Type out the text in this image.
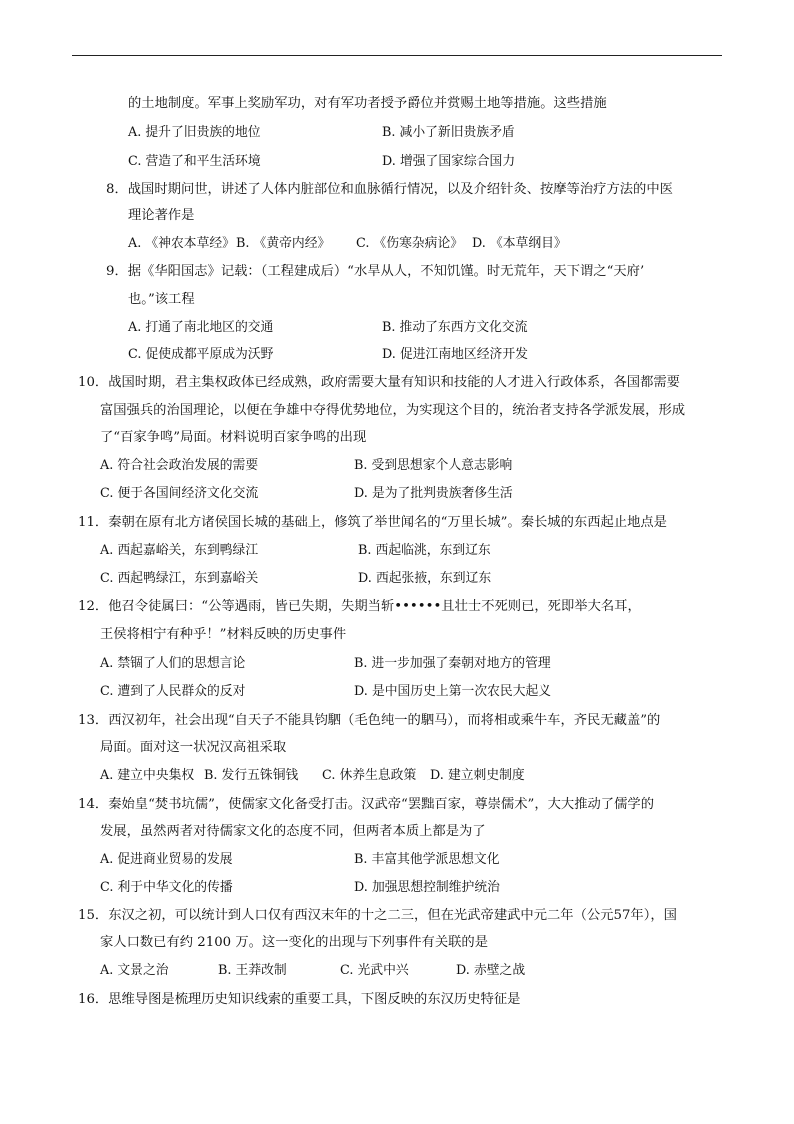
的土地制度。军事上奖励军功，对有军功者授予爵位并赏赐土地等措施。这些措施
A. 提升了旧贵族的地位	B. 减小了新旧贵族矛盾
C. 营造了和平生活环境	D. 增强了国家综合国力
8．战国时期问世，讲述了人体内脏部位和血脉循行情况，以及介绍针灸、按摩等治疗方法的中医
理论著作是
A. 《神农本草经》 B. 《黄帝内经》 C. 《伤寒杂病论》 D. 《本草纲目》
9．据《华阳国志》记载：（工程建成后）“水旱从人，不知饥馑。时无荒年，天下谓之“天府’
也。”该工程
A. 打通了南北地区的交通	B. 推动了东西方文化交流
C. 促使成都平原成为沃野	D. 促进江南地区经济开发
10．战国时期，君主集权政体已经成熟，政府需要大量有知识和技能的人才进入行政体系，各国都需要
富国强兵的治国理论，以便在争雄中夺得优势地位，为实现这个目的，统治者支持各学派发展，形成
了“百家争鸣”局面。材料说明百家争鸣的出现
A. 符合社会政治发展的需要	B. 受到思想家个人意志影响
C. 便于各国间经济文化交流	D. 是为了批判贵族奢侈生活
11．秦朝在原有北方诸侯国长城的基础上，修筑了举世闻名的“万里长城”。秦长城的东西起止地点是
A. 西起嘉峪关，东到鸭绿江	B. 西起临洮，东到辽东
C. 西起鸭绿江，东到嘉峪关	D. 西起张掖，东到辽东
12．他召令徒属曰：“公等遇雨，皆已失期，失期当斩••••••且壮士不死则已，死即举大名耳，
王侯将相宁有种乎！”材料反映的历史事件
A. 禁锢了人们的思想言论	B. 进一步加强了秦朝对地方的管理
C. 遭到了人民群众的反对	D. 是中国历史上第一次农民大起义
13．西汉初年，社会出现“自天子不能具钧駟（毛色纯一的駟马），而将相或乘牛车，齐民无藏盖”的
局面。面对这一状况汉高祖采取
A. 建立中央集权 B. 发行五铢铜钱 C. 休养生息政策 D. 建立刺史制度
14．秦始皇“焚书坑儒”，使儒家文化备受打击。汉武帝“罢黜百家，尊崇儒术”，大大推动了儒学的
发展，虽然两者对待儒家文化的态度不同，但两者本质上都是为了
A. 促进商业贸易的发展	B. 丰富其他学派思想文化
C. 利于中华文化的传播	D. 加强思想控制维护统治
15．东汉之初，可以统计到人口仅有西汉末年的十之二三，但在光武帝建武中元二年（公元57年），国
家人口数已有约 2100 万。这一变化的出现与下列事件有关联的是
A. 文景之治	B. 王莽改制	C. 光武中兴	D. 赤壁之战
16．思维导图是梳理历史知识线索的重要工具，下图反映的东汉历史特征是
